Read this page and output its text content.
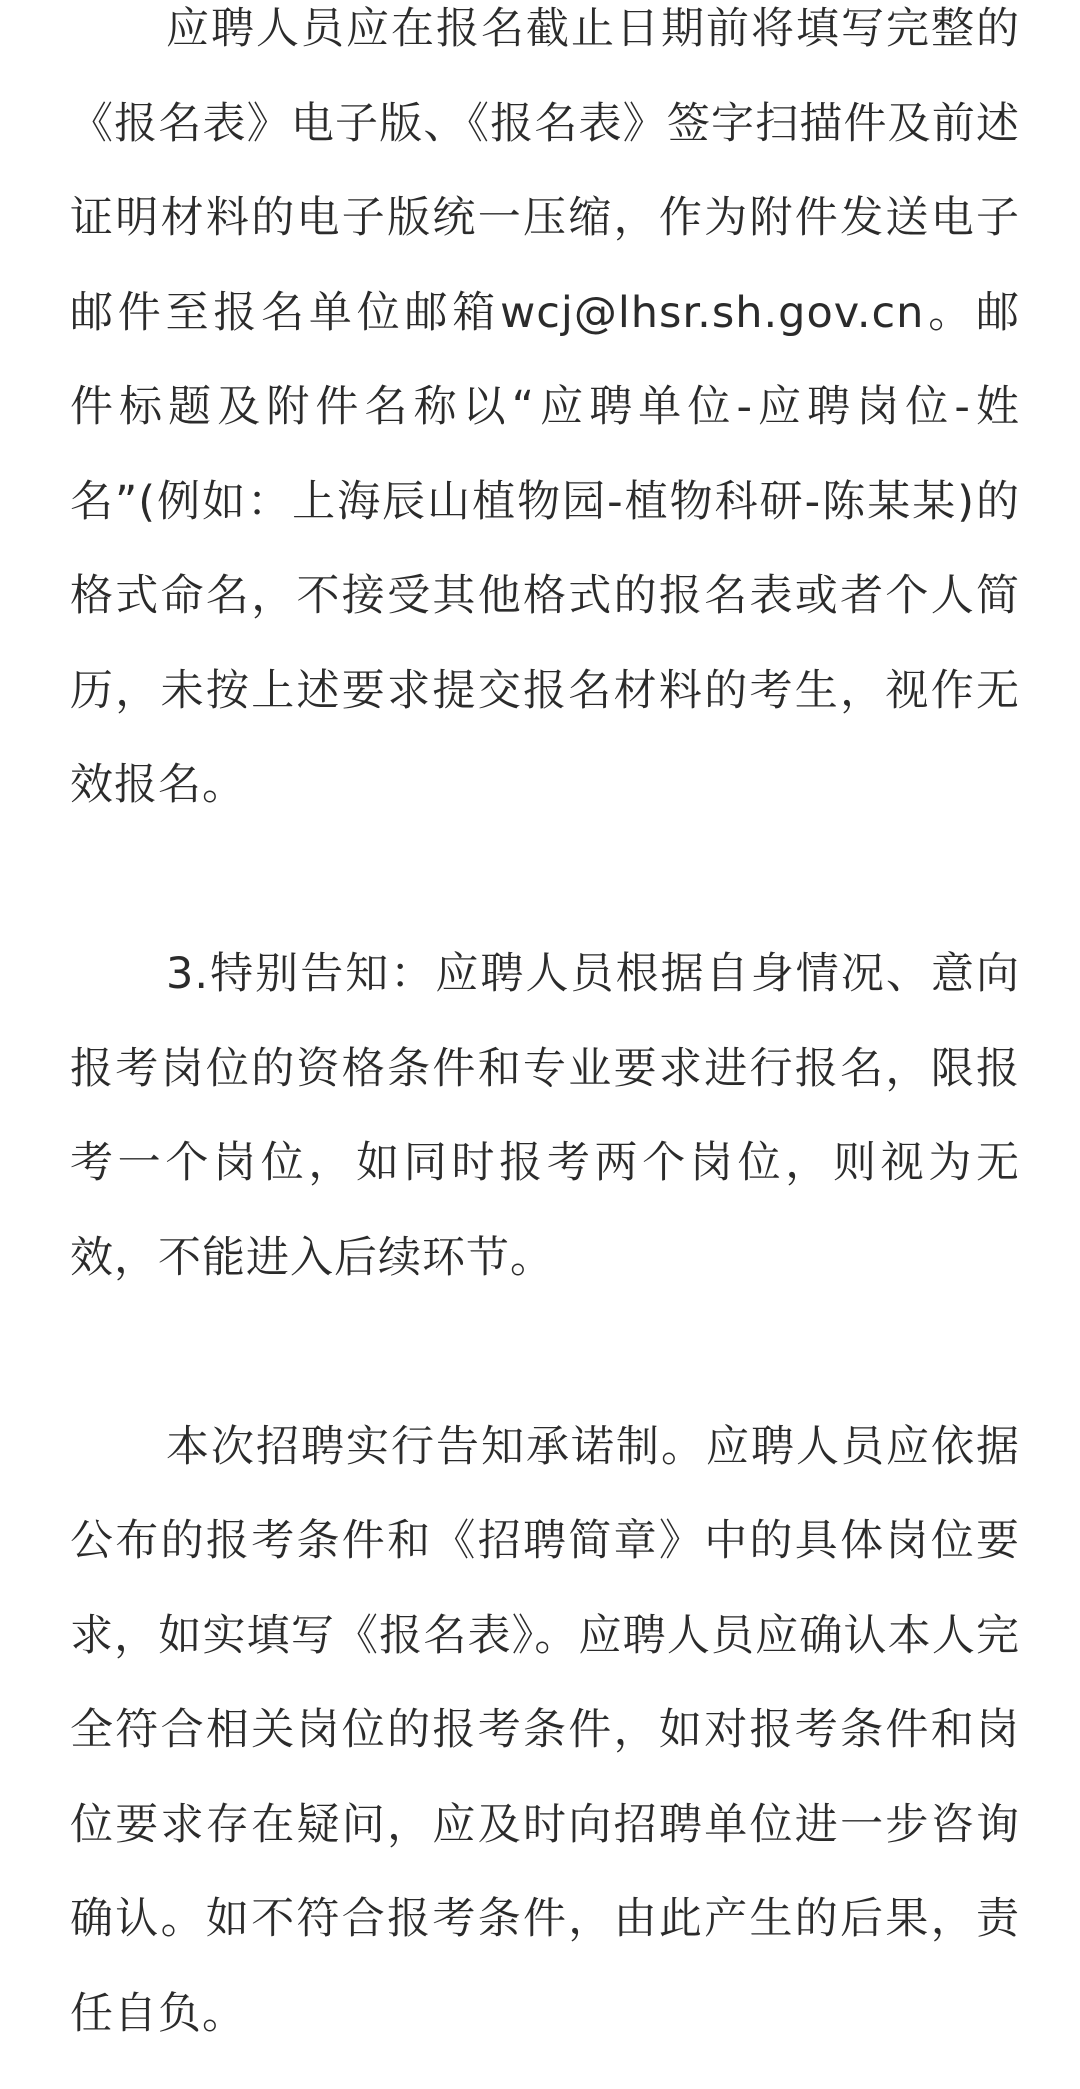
应聘人员应在报名截止日期前将填写完整的《报名表》电子版、《报名表》签字扫描件及前述证明材料的电子版统一压缩，作为附件发送电子邮件至报名单位邮箱wcj@lhsr.sh.gov.cn。邮件标题及附件名称以“应聘单位-应聘岗位-姓名”(例如：上海辰山植物园-植物科研-陈某某)的格式命名，不接受其他格式的报名表或者个人简历，未按上述要求提交报名材料的考生，视作无效报名。

3.特别告知：应聘人员根据自身情况、意向报考岗位的资格条件和专业要求进行报名，限报考一个岗位，如同时报考两个岗位，则视为无效，不能进入后续环节。

本次招聘实行告知承诺制。应聘人员应依据公布的报考条件和《招聘简章》中的具体岗位要求，如实填写《报名表》。应聘人员应确认本人完全符合相关岗位的报考条件，如对报考条件和岗位要求存在疑问，应及时向招聘单位进一步咨询确认。如不符合报考条件，由此产生的后果，责任自负。
